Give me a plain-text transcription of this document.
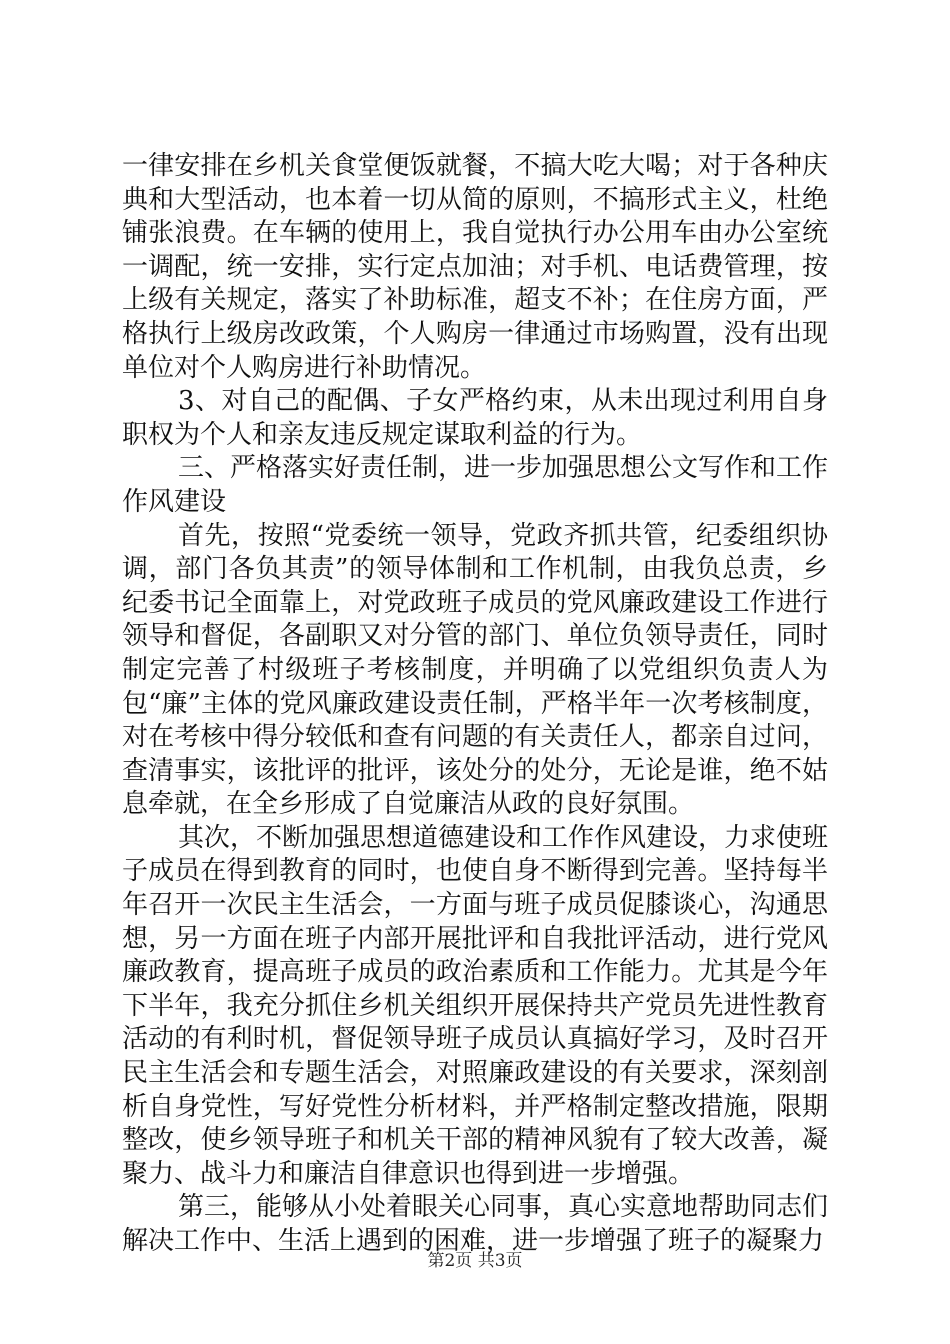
一律安排在乡机关食堂便饭就餐，不搞大吃大喝；对于各种庆典和大型活动，也本着一切从简的原则，不搞形式主义，杜绝铺张浪费。在车辆的使用上，我自觉执行办公用车由办公室统一调配，统一安排，实行定点加油；对手机、电话费管理，按上级有关规定，落实了补助标准，超支不补；在住房方面，严格执行上级房改政策，个人购房一律通过市场购置，没有出现单位对个人购房进行补助情况。

3、对自己的配偶、子女严格约束，从未出现过利用自身职权为个人和亲友违反规定谋取利益的行为。

三、严格落实好责任制，进一步加强思想公文写作和工作作风建设

首先，按照“党委统一领导，党政齐抓共管，纪委组织协调，部门各负其责”的领导体制和工作机制，由我负总责，乡纪委书记全面靠上，对党政班子成员的党风廉政建设工作进行领导和督促，各副职又对分管的部门、单位负领导责任，同时制定完善了村级班子考核制度，并明确了以党组织负责人为包“廉”主体的党风廉政建设责任制，严格半年一次考核制度，对在考核中得分较低和查有问题的有关责任人，都亲自过问，查清事实，该批评的批评，该处分的处分，无论是谁，绝不姑息牵就，在全乡形成了自觉廉洁从政的良好氛围。

其次，不断加强思想道德建设和工作作风建设，力求使班子成员在得到教育的同时，也使自身不断得到完善。坚持每半年召开一次民主生活会，一方面与班子成员促膝谈心，沟通思想，另一方面在班子内部开展批评和自我批评活动，进行党风廉政教育，提高班子成员的政治素质和工作能力。尤其是今年下半年，我充分抓住乡机关组织开展保持共产党员先进性教育活动的有利时机，督促领导班子成员认真搞好学习，及时召开民主生活会和专题生活会，对照廉政建设的有关要求，深刻剖析自身党性，写好党性分析材料，并严格制定整改措施，限期整改，使乡领导班子和机关干部的精神风貌有了较大改善，凝聚力、战斗力和廉洁自律意识也得到进一步增强。

第三，能够从小处着眼关心同事，真心实意地帮助同志们解决工作中、生活上遇到的困难，进一步增强了班子的凝聚力

第2页 共3页
